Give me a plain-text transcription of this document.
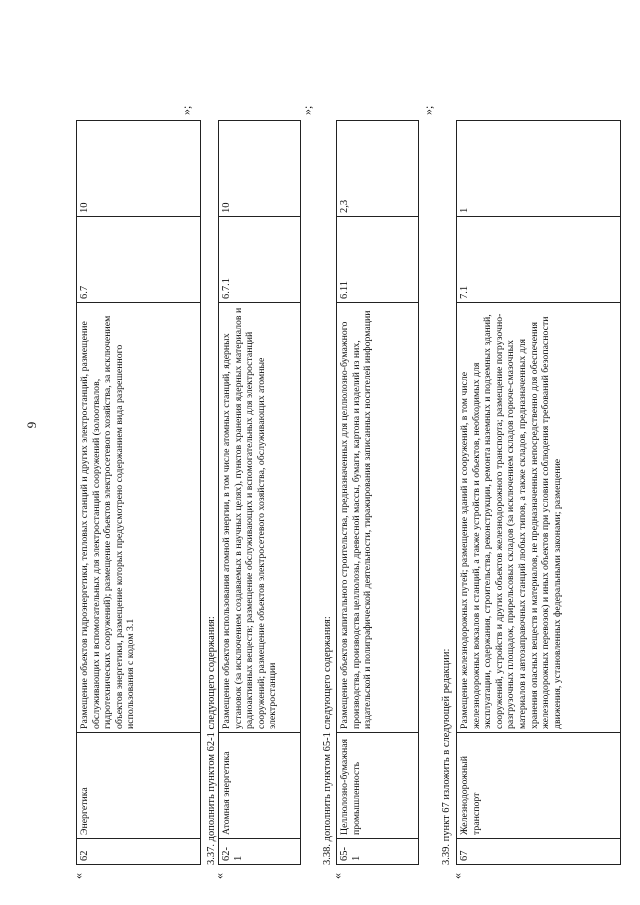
9
«
62	Энергетика	Размещение объектов гидроэнергетики, тепловых станций и других электростанций, размещение обслуживающих и вспомогательных для электростанций сооружений (золоотвалов, гидротехнических сооружений); размещение объектов электросетевого хозяйства, за исключением объектов энергетики, размещение которых предусмотрено содержанием вида разрешенного использования с кодом 3.1	6.7	10
»;
3.37. дополнить пунктом 62-1 следующего содержания:
«
62-1	Атомная энергетика	Размещение объектов использования атомной энергии, в том числе атомных станций, ядерных установок (за исключением создаваемых в научных целях), пунктов хранения ядерных материалов и радиоактивных веществ; размещение обслуживающих и вспомогательных для электростанций сооружений; размещение объектов электросетевого хозяйства, обслуживающих атомные электростанции	6.7.1	10
»;
3.38. дополнить пунктом 65-1 следующего содержания:
«
65-1	Целлюлозно-бумажная промышленность	Размещение объектов капитального строительства, предназначенных для целлюлозно-бумажного производства, производства целлюлозы, древесной массы, бумаги, картона и изделий из них, издательской и полиграфической деятельности, тиражирования записанных носителей информации	6.11	2,3
»;
3.39. пункт 67 изложить в следующей редакции:
«
67	Железнодорожный транспорт	Размещение железнодорожных путей; размещение зданий и сооружений, в том числе железнодорожных вокзалов и станций, а также устройств и объектов, необходимых для эксплуатации, содержания, строительства, реконструкции, ремонта наземных и подземных зданий, сооружений, устройств и других объектов железнодорожного транспорта; размещение погрузочно-разгрузочных площадок, прирельсовых складов (за исключением складов горюче-смазочных материалов и автозаправочных станций любых типов, а также складов, предназначенных для хранения опасных веществ и материалов, не предназначенных непосредственно для обеспечения железнодорожных перевозок) и иных объектов при условии соблюдения требований безопасности движения, установленных федеральными законами; размещение	7.1	1
